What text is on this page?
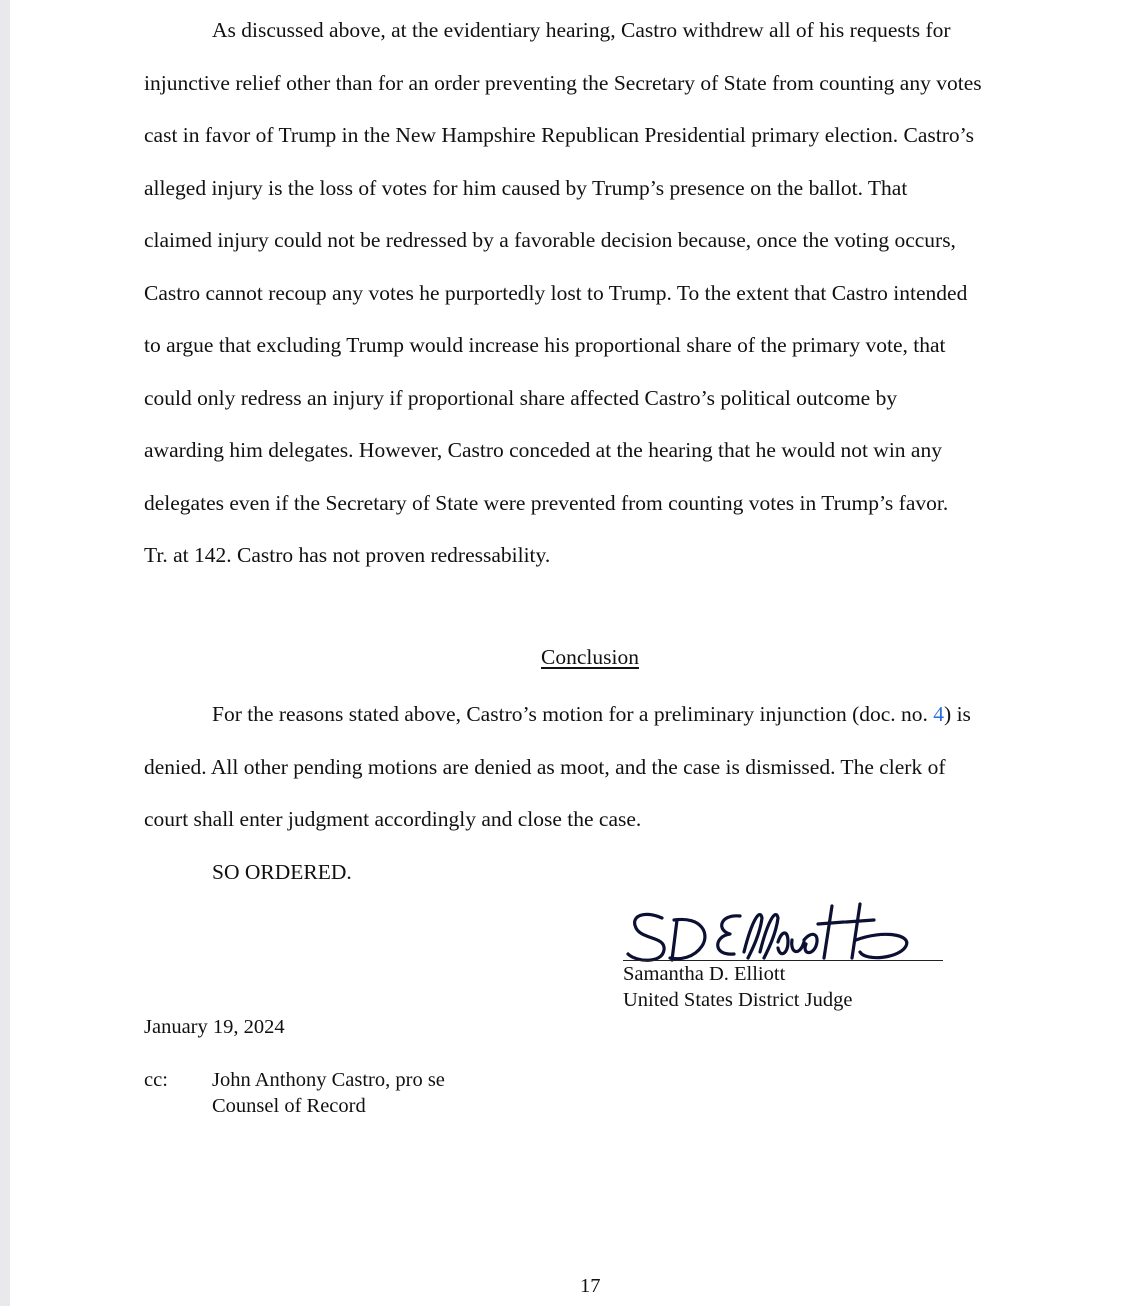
As discussed above, at the evidentiary hearing, Castro withdrew all of his requests for
injunctive relief other than for an order preventing the Secretary of State from counting any votes
cast in favor of Trump in the New Hampshire Republican Presidential primary election. Castro’s
alleged injury is the loss of votes for him caused by Trump’s presence on the ballot. That
claimed injury could not be redressed by a favorable decision because, once the voting occurs,
Castro cannot recoup any votes he purportedly lost to Trump. To the extent that Castro intended
to argue that excluding Trump would increase his proportional share of the primary vote, that
could only redress an injury if proportional share affected Castro’s political outcome by
awarding him delegates. However, Castro conceded at the hearing that he would not win any
delegates even if the Secretary of State were prevented from counting votes in Trump’s favor.
Tr. at 142. Castro has not proven redressability.
Conclusion
For the reasons stated above, Castro’s motion for a preliminary injunction (doc. no. 4) is
denied. All other pending motions are denied as moot, and the case is dismissed. The clerk of
court shall enter judgment accordingly and close the case.
SO ORDERED.
Samantha D. Elliott
United States District Judge
January 19, 2024
cc: John Anthony Castro, pro se
Counsel of Record
17
